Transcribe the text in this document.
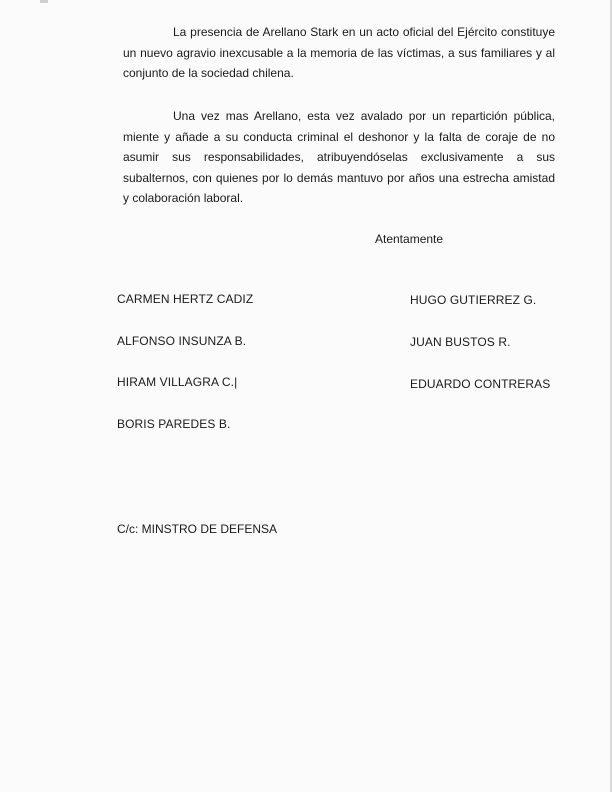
La presencia de Arellano Stark en un acto oficial del Ejército constituye un nuevo agravio inexcusable a la memoria de las víctimas, a sus familiares y al conjunto de la sociedad chilena.

Una vez mas Arellano, esta vez avalado por un repartición pública, miente y añade a su conducta criminal el deshonor y la falta de coraje de no asumir sus responsabilidades, atribuyendóselas exclusivamente a sus subalternos, con quienes por lo demás mantuvo por años una estrecha amistad y colaboración laboral.

Atentamente
CARMEN HERTZ CADIZ
ALFONSO INSUNZA B.
HIRAM VILLAGRA C.|
BORIS PAREDES B.
HUGO GUTIERREZ G.
JUAN BUSTOS R.
EDUARDO CONTRERAS
C/c: MINSTRO DE DEFENSA
